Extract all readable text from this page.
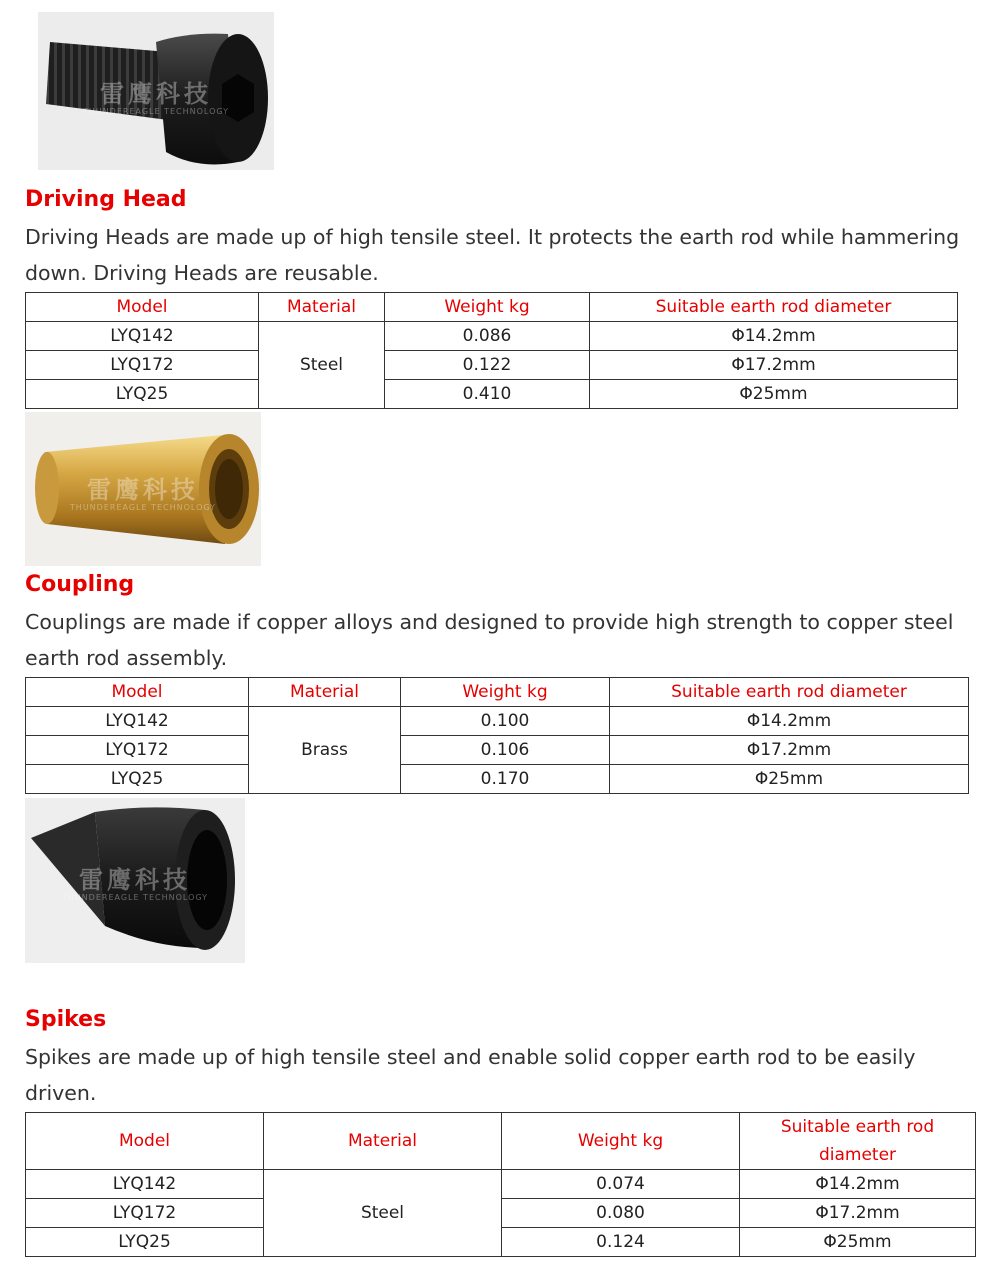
雷鹰科技
THUNDEREAGLE TECHNOLOGY
Driving Head

Driving Heads are made up of high tensile steel. It protects the earth rod while hammering down. Driving Heads are reusable.

Model	Material	Weight kg	Suitable earth rod diameter
LYQ142	Steel	0.086	Φ14.2mm
LYQ172		0.122	Φ17.2mm
LYQ25		0.410	Φ25mm
雷鹰科技
THUNDEREAGLE TECHNOLOGY
Coupling

Couplings are made if copper alloys and designed to provide high strength to copper steel earth rod assembly.

Model	Material	Weight kg	Suitable earth rod diameter
LYQ142	Brass	0.100	Φ14.2mm
LYQ172		0.106	Φ17.2mm
LYQ25		0.170	Φ25mm
雷鹰科技
THUNDEREAGLE TECHNOLOGY
Spikes

Spikes are made up of high tensile steel and enable solid copper earth rod to be easily driven.

Model	Material	Weight kg	Suitable earth rod diameter
LYQ142	Steel	0.074	Φ14.2mm
LYQ172		0.080	Φ17.2mm
LYQ25		0.124	Φ25mm
